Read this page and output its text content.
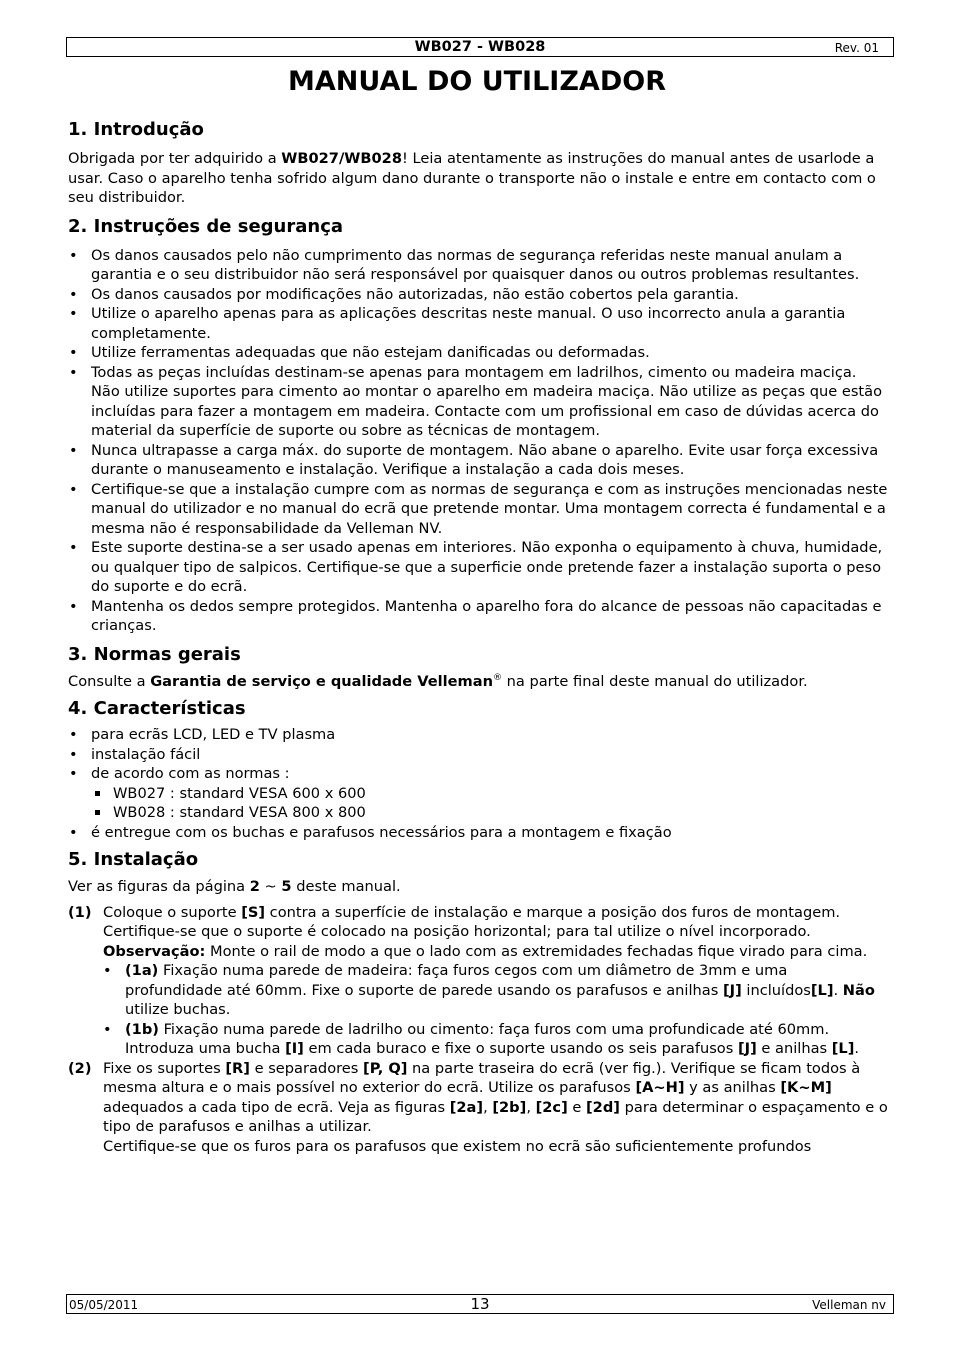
WB027 - WB028	Rev. 01
MANUAL DO UTILIZADOR
1. Introdução

Obrigada por ter adquirido a WB027/WB028! Leia atentamente as instruções do manual antes de usarlode a usar. Caso o aparelho tenha sofrido algum dano durante o transporte não o instale e entre em contacto com o seu distribuidor.

2. Instruções de segurança
• Os danos causados pelo não cumprimento das normas de segurança referidas neste manual anulam a garantia e o seu distribuidor não será responsável por quaisquer danos ou outros problemas resultantes.
• Os danos causados por modificações não autorizadas, não estão cobertos pela garantia.
• Utilize o aparelho apenas para as aplicações descritas neste manual. O uso incorrecto anula a garantia completamente.
• Utilize ferramentas adequadas que não estejam danificadas ou deformadas.
• Todas as peças incluídas destinam-se apenas para montagem em ladrilhos, cimento ou madeira maciça. Não utilize suportes para cimento ao montar o aparelho em madeira maciça. Não utilize as peças que estão incluídas para fazer a montagem em madeira. Contacte com um profissional em caso de dúvidas acerca do material da superfície de suporte ou sobre as técnicas de montagem.
• Nunca ultrapasse a carga máx. do suporte de montagem. Não abane o aparelho. Evite usar força excessiva durante o manuseamento e instalação. Verifique a instalação a cada dois meses.
• Certifique-se que a instalação cumpre com as normas de segurança e com as instruções mencionadas neste manual do utilizador e no manual do ecrã que pretende montar. Uma montagem correcta é fundamental e a mesma não é responsabilidade da Velleman NV.
• Este suporte destina-se a ser usado apenas em interiores. Não exponha o equipamento à chuva, humidade, ou qualquer tipo de salpicos. Certifique-se que a superficie onde pretende fazer a instalação suporta o peso do suporte e do ecrã.
• Mantenha os dedos sempre protegidos. Mantenha o aparelho fora do alcance de pessoas não capacitadas e crianças.
3. Normas gerais

Consulte a Garantia de serviço e qualidade Velleman® na parte final deste manual do utilizador.

4. Características
• para ecrãs LCD, LED e TV plasma
• instalação fácil
• de acordo com as normas :
WB027 : standard VESA 600 x 600
WB028 : standard VESA 800 x 800
• é entregue com os buchas e parafusos necessários para a montagem e fixação
5. Instalação

Ver as figuras da página 2 ~ 5 deste manual.

(1) Coloque o suporte [S] contra a superfície de instalação e marque a posição dos furos de montagem. Certifique-se que o suporte é colocado na posição horizontal; para tal utilize o nível incorporado.

Observação: Monte o rail de modo a que o lado com as extremidades fechadas fique virado para cima.

• (1a) Fixação numa parede de madeira: faça furos cegos com um diâmetro de 3mm e uma profundidade até 60mm. Fixe o suporte de parede usando os parafusos e anilhas [J] incluídos[L]. Não utilize buchas.
• (1b) Fixação numa parede de ladrilho ou cimento: faça furos com uma profundicade até 60mm. Introduza uma bucha [I] em cada buraco e fixe o suporte usando os seis parafusos [J] e anilhas [L].
(2) Fixe os suportes [R] e separadores [P, Q] na parte traseira do ecrã (ver fig.). Verifique se ficam todos à mesma altura e o mais possível no exterior do ecrã. Utilize os parafusos [A~H] y as anilhas [K~M] adequados a cada tipo de ecrã. Veja as figuras [2a], [2b], [2c] e [2d] para determinar o espaçamento e o tipo de parafusos e anilhas a utilizar.

Certifique-se que os furos para os parafusos que existem no ecrã são suficientemente profundos

05/05/2011	13	Velleman nv
